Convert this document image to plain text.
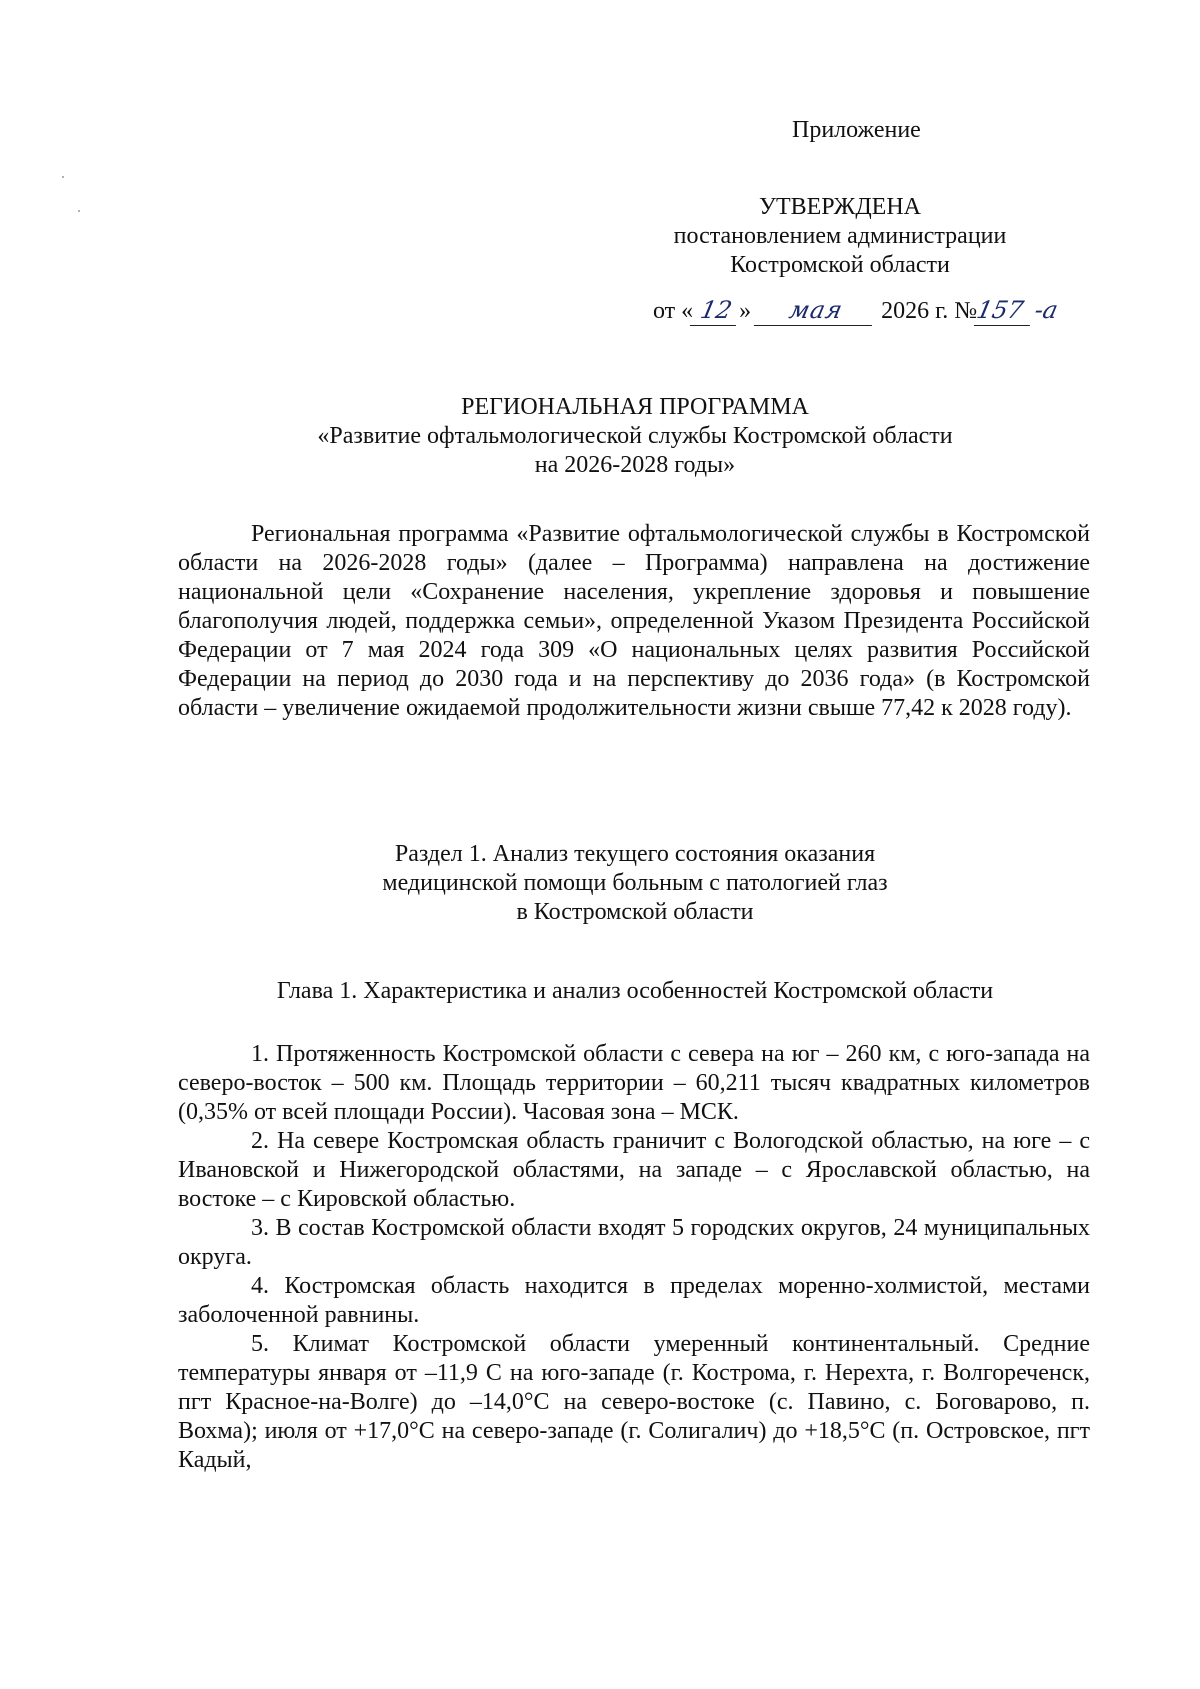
Приложение
УТВЕРЖДЕНА
постановлением администрации
Костромской области
от « 12 » мая 2026 г. №157 -а
РЕГИОНАЛЬНАЯ ПРОГРАММА
«Развитие офтальмологической службы Костромской области
на 2026-2028 годы»

Региональная программа «Развитие офтальмологической службы в Костромской области на 2026-2028 годы» (далее – Программа) направлена на достижение национальной цели «Сохранение населения, укрепление здоровья и повышение благополучия людей, поддержка семьи», определенной Указом Президента Российской Федерации от 7 мая 2024 года 309 «О национальных целях развития Российской Федерации на период до 2030 года и на перспективу до 2036 года» (в Костромской области – увеличение ожидаемой продолжительности жизни свыше 77,42 к 2028 году).

Раздел 1. Анализ текущего состояния оказания
медицинской помощи больным с патологией глаз
в Костромской области
Глава 1. Характеристика и анализ особенностей Костромской области

1. Протяженность Костромской области с севера на юг – 260 км, с юго-запада на северо-восток – 500 км. Площадь территории – 60,211 тысяч квадратных километров (0,35% от всей площади России). Часовая зона – МСК.

2. На севере Костромская область граничит с Вологодской областью, на юге – с Ивановской и Нижегородской областями, на западе – с Ярославской областью, на востоке – с Кировской областью.

3. В состав Костромской области входят 5 городских округов, 24 муниципальных округа.

4. Костромская область находится в пределах моренно-холмистой, местами заболоченной равнины.

5. Климат Костромской области умеренный континентальный. Средние температуры января от –11,9 С на юго-западе (г. Кострома, г. Нерехта, г. Волгореченск, пгт Красное-на-Волге) до –14,0°С на северо-востоке (с. Павино, с. Боговарово, п. Вохма); июля от +17,0°С на северо-западе (г. Солигалич) до +18,5°С (п. Островское, пгт Кадый,
